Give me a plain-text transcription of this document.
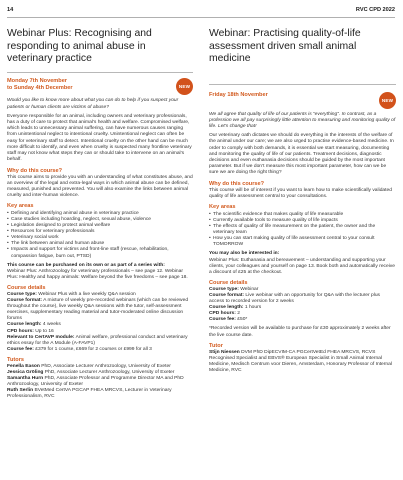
14	RVC CPD 2022
Webinar Plus: Recognising and responding to animal abuse in veterinary practice
Monday 7th November
to Sunday 4th December	NEW

Would you like to know more about what you can do to help if you suspect your patients or human clients are victims of abuse?

Everyone responsible for an animal, including owners and veterinary professionals, has a duty of care to protect that animal’s health and welfare. Compromised welfare, which leads to unnecessary animal suffering, can have numerous causes ranging from unintentional neglect to intentional cruelty. Unintentional neglect can often be easy for veterinary staff to detect. Intentional cruelty on the other hand can be much more difficult to identify, and even when cruelty is suspected many frontline veterinary staff may not know what steps they can or should take to intervene on an animal’s behalf.

Why do this course?

This course aims to provide you with an understanding of what constitutes abuse, and an overview of the legal and extra-legal ways in which animal abuse can be defined, measured, punished and prevented. You will also examine the links between animal cruelty and inter-human violence.

Key areas
• Defining and identifying animal abuse in veterinary practice
• Case studies including hoarding, neglect, sexual abuse, violence
• Legislation designed to protect animal welfare
• Resources for veterinary professionals
• Veterinary social work
• The link between animal and human abuse
• Impacts and support for victims and front-line staff (rescue, rehabilitation, compassion fatigue, burn out, PTSD)

This course can be purchased on its own or as part of a series with:

Webinar Plus: Anthrozoology for veterinary professionals – see page 12. Webinar Plus: Healthy and happy animals: Welfare beyond the five freedoms – see page 18.

Course details

Course type: Webinar Plus with a live weekly Q&A session

Course format: A mixture of weekly pre-recorded webinars (which can be reviewed throughout the course), live weekly Q&A sessions with the tutor, self-assessment exercises, supplementary reading material and tutor-moderated online discussion forums

Course length: 4 weeks

CPD hours: Up to 16

Relevant to CertAVP module: Animal welfare, professional conduct and veterinary ethics essay for the A Module (A-FAVP1)

Course fee: £379 for 1 course, £669 for 2 courses or £999 for all 3

Tutors

Fenella Eason PhD, Associate Lecturer Anthrozoology, University of Exeter

Jessica Gröling PhD, Associate Lecturer Anthrozoology, University of Exeter

Samantha Hurn PhD, Associate Professor and Programme Director MA and PhD Anthrozoology, University of Exeter

Ruth Serlin BVetMed CertVA PGCAP FHEA MRCVS, Lecturer in Veterinary Professionalism, RVC

Webinar: Practising quality-of-life assessment driven small animal medicine
Friday 18th November
NEW

We all agree that quality of life of our patients is “everything”. In contrast, as a profession we all pay surprisingly little attention to measuring and monitoring quality of life. Let’s change that!

Our veterinary oath dictates we should do everything in the interests of the welfare of the animal under our care; we are also urged to practise evidence-based medicine. In order to comply with both demands, it is essential we start measuring, documenting and monitoring the quality of life of our patients. Treatment decisions, diagnostic decisions and even euthanasia decisions should be guided by the most important parameter. But if we don’t measure this most important parameter, how can we be sure we are doing the right thing?

Why do this course?

This course will be of interest if you want to learn how to make scientifically validated quality of life assessment central to your consultations.

Key areas
• The scientific evidence that makes quality of life measurable
• Currently available tools to measure quality of life impacts
• The effects of quality of life measurement on the patient, the owner and the veterinary team
• How you can start making quality of life assessment central to your consult TOMORROW

You may also be interested in:

Webinar Plus: Euthanasia and bereavement – understanding and supporting your clients, your colleagues and yourself on page 13. Book both and automatically receive a discount of £25 at the checkout.

Course details

Course type: Webinar

Course format: Live webinar with an opportunity for Q&A with the lecturer plus access to recorded version for 2 weeks

Course length: 1 hours

CPD hours: 2

Course fee: £50*

*Recorded version will be available to purchase for £30 approximately 2 weeks after the live course date.

Tutor

Stijn Niessen DVM PhD DipECVIM-CA PGCertVetEd FHEA MRCVS, RCVS Recognised Specialist and EBVS® European Specialist in Small Animal Internal Medicine, Medisch Centrum voor Dieren, Amsterdam, Honorary Professor of Internal Medicine, RVC
